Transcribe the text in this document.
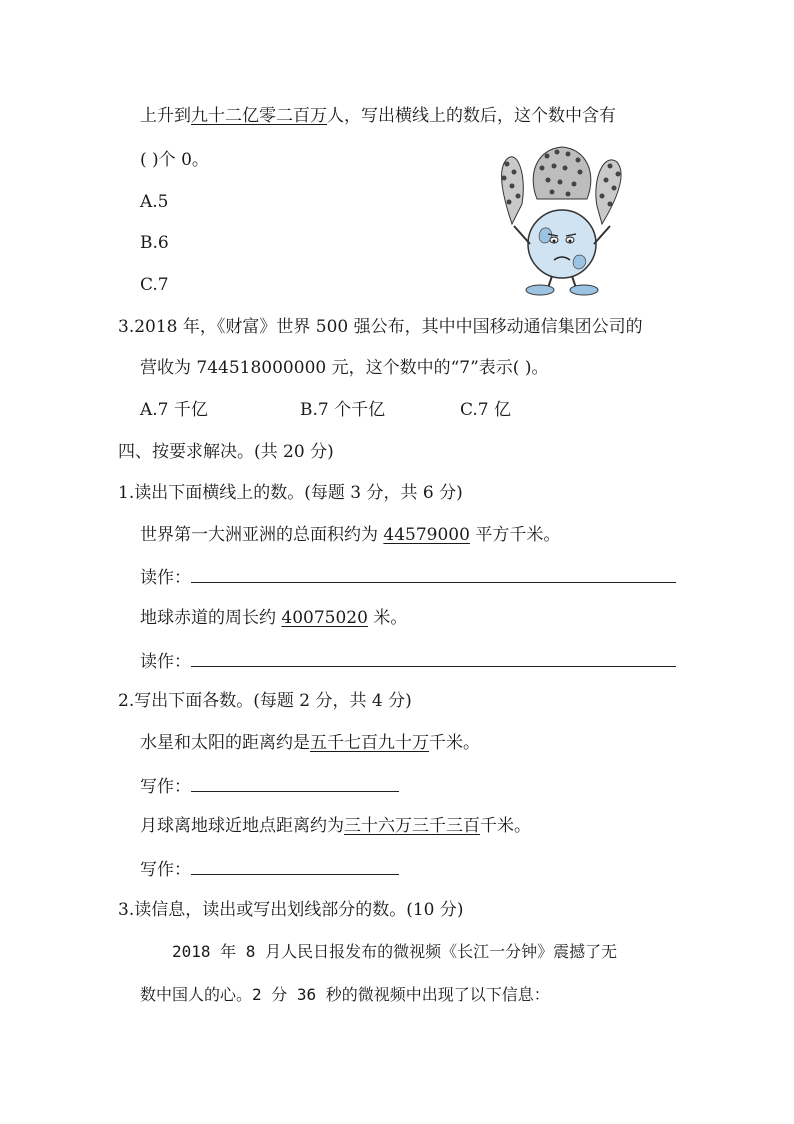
上升到九十二亿零二百万人，写出横线上的数后，这个数中含有
( )个 0。
A.5
B.6
C.7
3.2018 年，《财富》世界 500 强公布，其中中国移动通信集团公司的
营收为 744518000000 元，这个数中的“7”表示( )。
A.7 千亿	B.7 个千亿	C.7 亿
四、按要求解决。(共 20 分)
1.读出下面横线上的数。(每题 3 分，共 6 分)
世界第一大洲亚洲的总面积约为 44579000 平方千米。
读作：
地球赤道的周长约 40075020 米。
读作：
2.写出下面各数。(每题 2 分，共 4 分)
水星和太阳的距离约是五千七百九十万千米。
写作：
月球离地球近地点距离约为三十六万三千三百千米。
写作：
3.读信息，读出或写出划线部分的数。(10 分)
2018 年 8 月人民日报发布的微视频《长江一分钟》震撼了无
数中国人的心。2 分 36 秒的微视频中出现了以下信息：
